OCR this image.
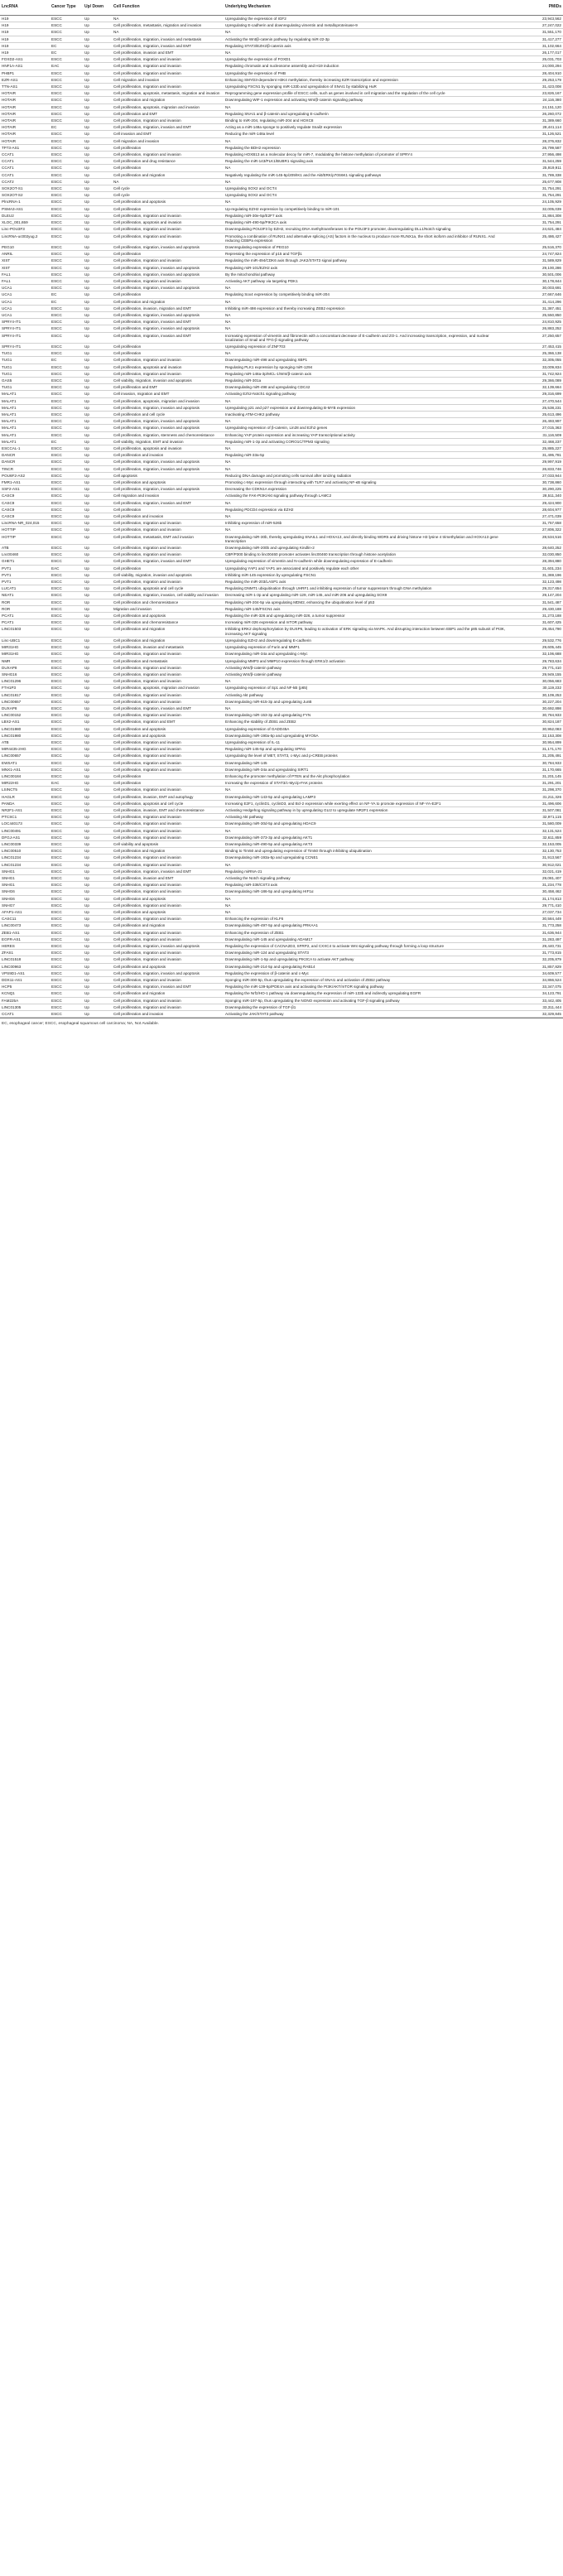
LncRNA	Cancer Type	Up/ Down	Cell Function	Underlying Mechanism	PMIDs
H19	ESCC	Up	NA	Upregulating the expression of IGF2	23,943,562
H19	ESCC	Up	Cell proliferation, metastasis, migration and invasion	Upregulating E-cadherin and downregulating vimentin and metalloproteinase-9	27,247,022
H19	ESCC	Up	NA	NA	31,551,170
H19	ESCC	Up	Cell proliferation, migration, invasion and metastasis	Activating the Wnt/β-catenin pathway by regulating miR-22-3p	31,417,277
H19	EC	Up	Cell proliferation, migration, invasion and EMT	Regulating STAT3/EZH2/β-catenin axis	31,102,664
H19	EC	Up	Cell proliferation, invasion and EMT	NA	26,177,017
FOXD2-AS1	ESCC	Up	Cell proliferation, migration and invasion	Upregulating the expression of FOXD1	25,031,703
HNF1A-AS1	EAC	Up	Cell proliferation, migration and invasion	Regulating chromatin and nucleosome assembly and H19 induction	24,000,294
PHBP1	ESCC	Up	Cell proliferation, migration and invasion	Upregulating the expression of PHB	28,404,910
EZR-AS1	ESCC	Up	Cell migration and invasion	Enhancing SMYD3-dependent H3K4 methylation, thereby increasing EZR transcription and expression	29,253,179
TTN-AS1	ESCC	Up	Cell proliferation, migration and invasion	Upregulating FSCN1 by sponging miR-133b and upregulation of SNAI1 by stabilizing HuR	31,423,008
HOTAIR	ESCC	Up	Cell proliferation, apoptosis, metastasis, migration and invasion	Reprogramming gene expression profile of ESCC cells, such as genes involved in cell migration and the regulation of the cell cycle	23,826,167
HOTAIR	ESCC	Up	Cell proliferation and migration	Downregulating WIF-1 expression and activating Wnt/β-catenin signaling pathway	24,116,380
HOTAIR	ESCC	Up	Cell proliferation, apoptosis, migration and invasion	NA	24,151,120
HOTAIR	ESCC	Up	Cell proliferation and EMT	Regulating SNAI1 and β-catenin and upregulating E-cadherin	26,260,072
HOTAIR	ESCC	Up	Cell proliferation, migration and invasion	Binding to miR-204, regulating miR-204 and HOXC8	31,389,660
HOTAIR	EC	Up	Cell proliferation, migration, invasion and EMT	Acting as a miR-148a sponge to positively regulate Snail2 expression	28,441,114
HOTAIR	ESCC	Up	Cell invasion and EMT	Reducing the miR-148a level	31,126,521
HOTAIR	ESCC	Up	Cell migration and invasion	NA	28,376,832
TP73-AS1	ESCC	Up	Cell proliferation	Regulating the BDH2 expression	26,799,587
CCAT1	ESCC	Up	Cell proliferation, migration and invasion	Regulating HOXB13 as a molecular decoy for miR-7, modulating the histone methylation of promoter of SPRY4	27,956,498
CCAT1	ESCC	Up	Cell proliferation and drug resistance	Regulating the miR-143/PLK1/BUBR1 signaling axis	31,544,259
CCAT1	ESCC	Up	Cell proliferation	NA	25,919,911
CCAT1	ESCC	Up	Cell proliferation and migration	Negatively regulating the miR-145-5p/209/IK1 and the Akt/ERK/p70S6K1 signaling pathways	31,789,338
CCAT2	ESCC	Up	NA	NA	25,677,908
SOX2OT-S1	ESCC	Up	Cell cycle	Upregulating SOX2 and OCT4	31,754,291
SOX2OT-S2	ESCC	Up	Cell cycle	Upregulating SOX2 and OCT4	31,754,291
PlncRNA-1	ESCC	Up	Cell proliferation and apoptosis	NA	24,105,929
PSMA3-AS1	ESCC	Up	Cell proliferation	Up-regulating EZH2 expression by competitively binding to miR-101	32,005,039
DLEU2	ESCC	Up	Cell proliferation, migration and invasion	Regulating miR-30e-5p/E2F7 axis	31,884,308
XLOC_001,659	ESCC	Up	Cell proliferation, apoptosis and invasion	Regulating miR-490-5p/PIK3CA axis	31,754,291
Linc-POU3F3	ESCC	Up	Cell proliferation, migration and invasion	Downregulating POU3F3 by EZH2, recruiting DNA methyltransferases to the POU3F3 promoter, downregulating DLL1/Notch signaling	24,621,484
LincRNA-uc002yug.2	ESCC	Up	Cell proliferation, migration and invasion	Promoting a combination of RUNX1 and alternative splicing (AS) factors in the nucleus to produce more RUNX1a, the short isoform and inhibitor of RUNX1. And reducing CEBPa expression	25,486,427
PEG10	ESCC	Up	Cell proliferation, migration, invasion and apoptosis	Downregulating expression of PEG10	25,516,370
ANRIL	ESCC	Up	Cell proliferation	Repressing the expression of p15 and TGFβ1	24,747,824
XIST	ESCC	Up	Cell proliferation, migration and invasion	Regulating the miR-494/CDK6 axis through JAK2/STAT3 signal pathway	31,589,829
XIST	ESCC	Up	Cell proliferation, migration, invasion and apoptosis	Regulating miR-101/EZH2 axis	29,100,286
FAL1	ESCC	Up	Cell proliferation, migration, invasion and apoptosis	By the mitochondrial pathway	30,501,006
FAL1	ESCC	Up	Cell proliferation, migration and invasion	Activating AKT pathway via targeting PDK1	30,178,844
UCA1	ESCC	Up	Cell proliferation, migration, invasion and apoptosis	NA	30,003,691
UCA1	EC	Up	Cell proliferation	Regulating Sox4 expression by competitively binding miR-204	27,667,646
UCA1	EC	Up	Cell proliferation and migration	NA	31,414,296
UCA1	ESCC	Up	Cell proliferation, invasion, migration and EMT	Inhibiting miR-498 expression and thereby increasing ZEB2 expression	31,387,451
UCA1	ESCC	Up	Cell proliferation, migration, invasion and apoptosis	NA	25,550,850
SPRY4-IT1	ESCC	Up	Cell proliferation, migration, invasion and EMT	NA	24,810,925
SPRY4-IT1	ESCC	Up	Cell proliferation, migration, invasion and apoptosis	NA	26,883,252
SPRY4-IT1	ESCC	Up	Cell proliferation, migration, invasion and EMT	Increasing expression of vimentin and fibronectin with a concomitant decrease of E-cadherin and ZO-1. And increasing transcription, expression, and nuclear localization of Snail and TFG-β signaling pathway	27,250,657
SPRY4-IT1	ESCC	Up	Cell proliferation	Upregulating expression of ZNF703	27,453,415
TUG1	ESCC	Up	Cell proliferation	NA	25,366,138
TUG1	EC	Up	Cell proliferation, migration and invasion	Downregulating miR-498 and upregulating XBP1	32,305,055
TUG1	ESCC	Up	Cell proliferation, apoptosis and invasion	Regulating PLK1 expression by sponging miR-1294	33,009,834
TUG1	ESCC	Up	Cell proliferation, migration and invasion	Regulating miR-148a-3p/MCL-1/Wnt/β-catenin axis	31,742,924
GAS5	ESCC	Up	Cell viability, migration, invasion and apoptosis	Regulating miR-301a	29,366,089
TUG1	ESCC	Up	Cell proliferation and EMT	Downregulating miR-498 and upregulating CDC42	32,139,664
MALAT1	ESCC	Up	Cell invasion, migration and EMT	Activating Ezh2-Notch1 signaling pathway	29,316,699
MALAT1	ESCC	Up	Cell proliferation, apoptosis, migration and invasion	NA	27,470,544
MALAT1	ESCC	Up	Cell proliferation, migration, invasion and apoptosis	Upregulating p21 and p27 expression and downregulating B-MYB expression	25,538,231
MALAT1	ESCC	Up	Cell proliferation and cell cycle	Inactivating ATM-CHK2 pathway	25,613,496
MALAT1	ESCC	Up	Cell proliferation, migration, invasion and apoptosis	NA	26,493,997
MALAT1	ESCC	Up	Cell proliferation, migration, invasion and apoptosis	Upregulating expression of β-catenin, Lin28 and Ezh2 genes	27,015,363
MALAT1	ESCC	Up	Cell proliferation, migration, stemness and chemoresistance	Enhancing YAP protein expression and increasing YAP transcriptional activity	31,116,509
MALAT1	EC	Up	Cell viability, migration, EMT and invasion	Regulating miR-1-3p and activating CORO1C/TPM3 signaling	32,468,237
ESCCAL-1	ESCC	Up	Cell proliferation, apoptosis and invasion	NA	25,885,227
DANCR	ESCC	Up	Cell proliferation and invasion	Regulating miR-33a-5p	31,495,781
DANCR	ESCC	Up	Cell proliferation, migration, invasion and apoptosis	NA	29,997,919
TINCR	ESCC	Up	Cell proliferation, migration, invasion and apoptosis	NA	26,833,746
POU6F2-AS2	ESCC	Up	Cell apoptosis	Reducing DNA damage and promoting cells survival after ionizing radiation	27,033,944
FMR1-AS1	ESCC	Up	Cell proliferation and apoptosis	Promoting c-Myc expression through interacting with TLR7 and activating NF-κB signaling	30,738,860
SSF2-AS1	ESCC	Up	Cell proliferation, migration, invasion and apoptosis	Decreasing the CDKN1A expression	30,290,225
CASC9	ESCC	Up	Cell migration and invasion	Activating the FAK-PI3K/Akt signaling pathway through LAMC2	28,511,340
CASC9	ESCC	Up	Cell proliferation, migration, invasion and EMT	NA	29,424,900
CASC9	ESCC	Up	Cell proliferation	Regulating PDCD4 expression via EZH2	28,604,977
CASC9	ESCC	Up	Cell proliferation and invasion	NA	27,471,039
LincRNA-NR_024,015	ESCC	Up	Cell proliferation, migration and invasion	Inhibiting expression of miR-526b	31,757,658
HOTTIP	ESCC	Up	Cell proliferation, migration and invasion	NA	27,806,322
HOTTIP	ESCC	Up	Cell proliferation, metastasis, EMT and invasion	Downregulating miR-30b, thereby upregulating SNAIL1 and HOXA13, and directly binding WDR5 and driving histone H3 lysine 4 trimethylation and HOXA13 gene transcription	28,534,516
ATB	ESCC	Up	Cell proliferation, migration and invasion	Downregulating miR-200b and upregulating Kindlin-2	28,640,252
Lnc00460	ESCC	Up	Cell proliferation, migration and invasion	CBP/P300 binding to linc00460 promoter activates linc00460 transcription through histone acetylation	32,030,850
GHET1	ESCC	Up	Cell proliferation, migration, invasion and EMT	Upregulating expression of vimentin and N-cadherin while downregulating expression of E-cadherin	28,394,880
PVT1	EAC	Up	Cell proliferation	Upregulating YAP1 and YAP1 are associated and positively regulate each other	31,601,234
PVT1	ESCC	Up	Cell viability, migration, invasion and apoptosis	Inhibiting miR-145 expression by upregulating FSCN1	31,369,196
PVT1	ESCC	Up	Cell proliferation, migration and invasion	Regulating the miR-203/LASP1 axis	32,123,498
LUCAT1	ESCC	Up	Cell proliferation, apoptosis and cell cycle	Regulating DNMT1 ubiquitination through UHRF1 and inhibiting expression of tumor suppressors through DNA methylation	29,317,654
NEAT1	ESCC	Up	Cell proliferation, migration, invasion, cell viability and invasion	Decreasing miR-1-3p and upregulating miR-129, miR-145, and miR-206 and upregulating SOX9	29,147,204
ROR	ESCC	Up	Cell proliferation and chemoresistance	Regulating miR-204-5p via upregulating MDM2, enhancing the ubiquitination level of p53	31,541,487
ROR	ESCC	Up	Migration and invasion	Regulating miR-145/FSCN1 axis	29,430,188
PCAT1	ESCC	Up	Cell proliferation and apoptosis	Regulating the miR-326 and upregulating miR-326, a tumor suppressor	31,273,188
PCAT1	ESCC	Up	Cell proliferation and chemoresistance	Increasing miR-326 expression and mTOR pathway	31,607,425
LINC01503	ESCC	Up	Cell proliferation and migration	Inhibiting ERK2 dephosphorylation by DUSP6, leading to activation of ERK signaling via MAPK. And disrupting interaction between EBP1 and the p85 subunit of PI3K, increasing AKT signaling	29,454,790
Linc-UBC1	ESCC	Up	Cell proliferation and migration	Upregulating EZH2 and downregulating E-cadherin	29,532,776
MIR31HG	ESCC	Up	Cell proliferation, invasion and metastasis	Upregulating expression of Furin and MMP1	29,605,445
MIR31HG	ESCC	Up	Cell proliferation, migration and invasion	Downregulating miR-34a and upregulating c-Myc	32,106,688
NMR	ESCC	Up	Cell proliferation and metastasis	Upregulating MMP3 and MMP10 expression through ERK1/2 activation	29,783,634
DUXAP8	ESCC	Up	Cell proliferation, migration and invasion	Activating Wnt/β-catenin pathway	29,771,410
SNHG16	ESCC	Up	Cell proliferation, migration and invasion	Activating Wnt/β-catenin pathway	29,949,155
LINC01296	ESCC	Up	Cell proliferation, migration and invasion	NA	30,056,683
FTH1P3	ESCC	Up	Cell proliferation, apoptosis, migration and invasion	Upregulating expression of Sp1 and NF-kB (p65)	30,119,232
LINC01817	ESCC	Up	Cell proliferation, migration and invasion	Activating Akt pathway	30,109,253
LINC00657	ESCC	Up	Cell proliferation, migration and invasion	Downregulating miR-615-3p and upregulating JunB	30,227,204
DUXAP8	ESCC	Up	Cell proliferation, migration, invasion and EMT	NA	30,692,898
LINC00152	ESCC	Up	Cell proliferation, migration and invasion	Downregulating miR-153-3p and upregulating FYN	30,784,933
LBX2-AS1	ESCC	Up	Cell proliferation, migration and EMT	Enhancing the stability of ZEB1 and ZEB2	30,824,187
LINC01980	ESCC	Up	Cell proliferation and apoptosis	Upregulating expression of GADD45A	30,952,083
LINC01980	ESCC	Up	Cell proliferation and apoptosis	Downregulating miR-190a-5p and upregulating MYO5A	32,153,308
ATB	ESCC	Up	Cell proliferation, migration and invasion	Upregulating expression of IL-11	30,954,899
MIR4435-2HG	ESCC	Up	Cell proliferation, migration and invasion	Regulating miR-145-5p and upregulating SPIN1	31,171,170
LINC00657	ESCC	Up	Cell proliferation, migration and invasion	Upregulating the level of MET, STAT3, c-Myc and p-CREB proteins	31,205,491
EWSAT1	ESCC	Up	Cell proliferation, migration and invasion	Downregulating miR-145	30,784,933
MNX1-AS1	ESCC	Up	Cell proliferation, migration and invasion	Downregulating miR-34a and upregulating SIRT1	31,170,665
LINC00184	ESCC	Up	Cell proliferation	Enhancing the promoter methylation of PTEN and the Akt phosphorylation	31,201,145
MIR22HG	EAC	Up	Cell proliferation	Increasing the expression of STAT3/c-Myc/p-FAK proteins	31,291,201
LSINCT5	ESCC	Up	Cell proliferation, migration and invasion	NA	31,298,370
HAGLR	ESCC	Up	Cell proliferation, invasion, EMT and autophagy	Downregulating miR-143-5p and upregulating LAMP3	31,211,326
PANDA	ESCC	Up	Cell proliferation, apoptosis and cell cycle	Increasing E2F1, cyclinD1, cyclinD3, and Bcl-2 expression while exerting effect on NF-YA to promote expression of NF-YA-E2F1	31,496,606
NR2F1-AS1	ESCC	Up	Cell proliferation, invasion, EMT and chemoresistance	Activating Hedgehog signaling pathway in by upregulating GLI2 to upregulate NR2F1 expression	31,507,081
PTCSC1	ESCC	Up	Cell proliferation, migration and invasion	Activating Akt pathway	32,971,115
LOC440173	ESCC	Up	Cell proliferation, migration and invasion	Downregulating miR-30d-5p and upregulating HDAC9	31,580,009
LINC00491	ESCC	Up	Cell proliferation, migration and invasion	NA	32,131,524
DFGJ-AS1	ESCC	Up	Cell proliferation, migration and invasion	Downregulating miR-373-3p and upregulating AKT1	32,611,859
LINC00339	ESCC	Up	Cell viability and apoptosis	Downregulating miR-490-5p and upregulating AKT3	32,153,005
LINC00510	ESCC	Up	Cell proliferation and migration	Binding to Tim50 and upregulating expression of Tim50 through inhibiting ubiquitination	32,130,753
LINC01234	ESCC	Up	Cell proliferation, migration and invasion	Downregulating miR-193a-5p and upregulating CCNE1	31,913,567
LINC01234	ESCC	Up	Cell proliferation, migration and invasion	NA	30,912,021
SNHG1	ESCC	Up	Cell proliferation, migration, invasion and EMT	Regulating miRNA-21	32,021,419
SNHG1	ESCC	Up	Cell proliferation, invasion and EMT	Activating the Notch signaling pathway	29,081,407
SNHG1	ESCC	Up	Cell proliferation, migration and invasion	Regulating miR-338/CST3 axis	31,234,778
SNHG6	ESCC	Up	Cell proliferation, migration and invasion	Downregulating miR-186-5p and upregulating HIF1α	30,458,462
SNHG6	ESCC	Up	Cell proliferation and apoptosis	NA	31,174,813
SNHG7	ESCC	Up	Cell proliferation, migration and invasion	NA	29,771,410
AFAP1-AS1	ESCC	Up	Cell proliferation and apoptosis	NA	27,037,734
CASC11	ESCC	Up	Cell proliferation, migration and invasion	Enhancing the expression of KLF6	30,584,449
LINC00473	ESCC	Up	Cell proliferation and migration	Downregulating miR-497-5p and upregulating PRKAA1	31,773,258
ZEB1-AS1	ESCC	Up	Cell proliferation, migration and invasion	Enhancing the expression of ZEB1	31,636,944
EGFR-AS1	ESCC	Up	Cell proliferation, migration and invasion	Downregulating miR-145 and upregulating ADAM17	31,283,497
HERES	ESCC	Up	Cell proliferation, migration, invasion and apoptosis	Regulating the expression of CACNA2D3, SFRP2, and CXXC4 to activate Wnt signaling pathway through forming a loop structure	29,440,731
ZFAS1	ESCC	Up	Cell proliferation, migration and invasion	Downregulating miR-124 and upregulating STAT3	31,773,815
LINC01518	ESCC	Up	Cell proliferation, migration and invasion	Downregulating miR-1-5p and upregulating PIK3CA to activate AKT pathway	32,205,879
LINC00963	ESCC	Up	Cell proliferation and apoptosis	Downregulating miR-214-5p and upregulating RAB14	31,857,829
VPS9D1-AS1	ESCC	Up	Cell proliferation, migration, invasion and apoptosis	Regulating the expression of β-catenin and c-Myc	34,609,577
DDX11-AS1	ESCC	Up	Cell proliferation, migration and invasion	Sponging miR-300-5p, thus upregulating the expression of SNAI1 and activation of ZEB2 pathway	34,866,524
HCP5	ESCC	Up	Cell proliferation, migration, invasion and EMT	Regulating the miR-139-5p/PDE4A axis and activating the PI3K/AKT/mTOR signaling pathway	33,347,075
KCNQ1	ESCC	Up	Cell proliferation and migration	Regulating the Nrf2/HO-1 pathway via downregulating the expression of miR-133b and indirectly upregulating EGFR	34,123,791
FAM225A	ESCC	Up	Cell proliferation, migration and invasion	Sponging miR-197-5p, thus upregulating the NONO expression and activating TGF-β signaling pathway	33,442,405
LINC01305	ESCC	Up	Cell proliferation, migration and invasion	Downregulating the expression of TGF-β1	33,311,444
CCAT1	ESCC	Up	Cell proliferation and invasion	Activating the JAK/STAT3 pathway	32,329,845
EC, esophageal cancer; ESCC, esophageal squamous cell carcinoma; NA, Not Available.
